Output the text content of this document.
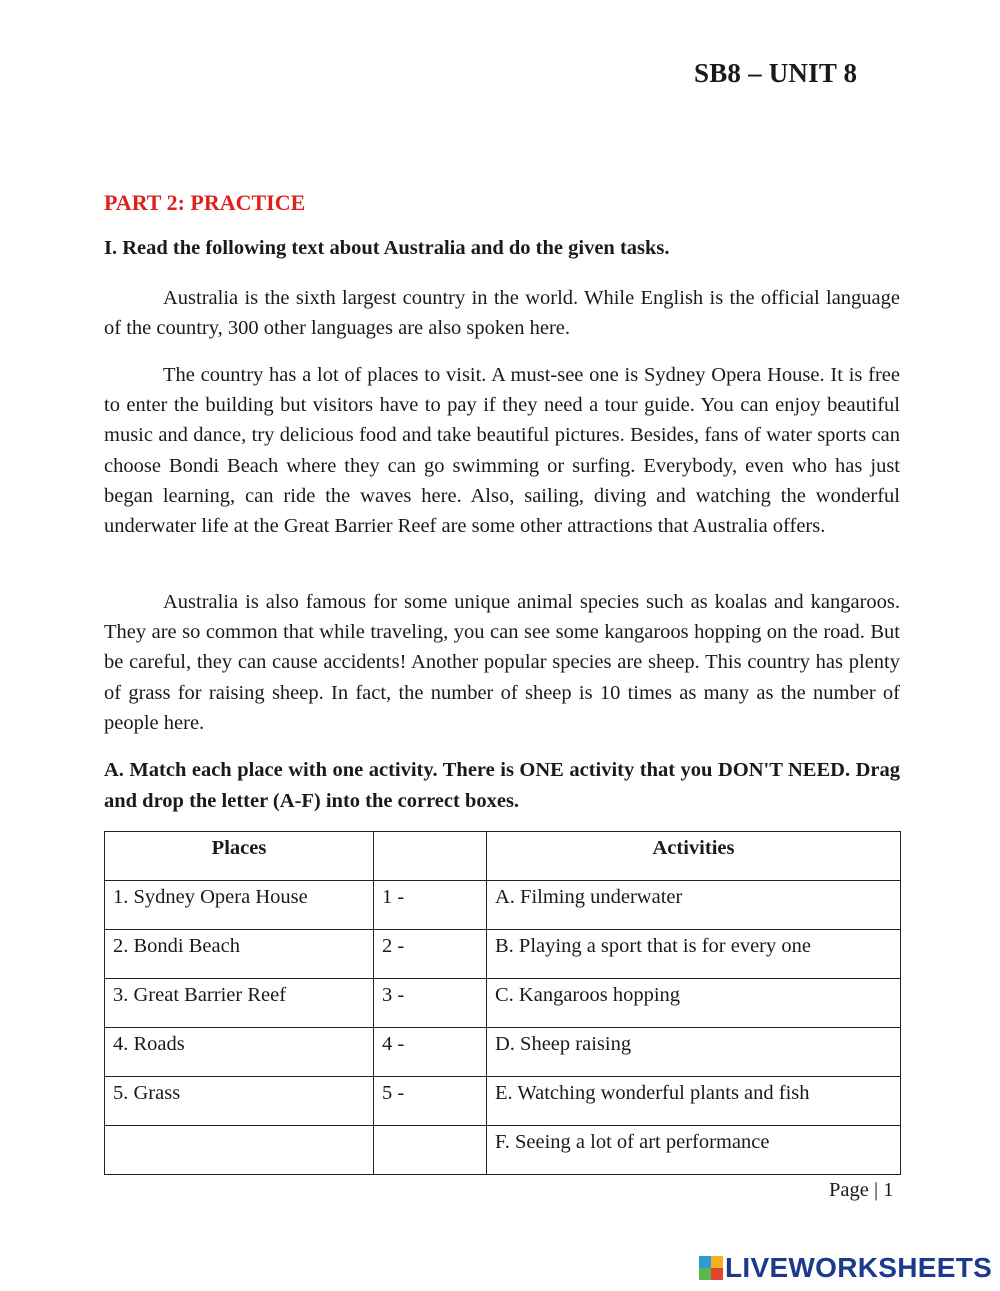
SB8 – UNIT 8
PART 2: PRACTICE
I. Read the following text about Australia and do the given tasks.

Australia is the sixth largest country in the world. While English is the official language of the country, 300 other languages are also spoken here.

The country has a lot of places to visit. A must-see one is Sydney Opera House. It is free to enter the building but visitors have to pay if they need a tour guide. You can enjoy beautiful music and dance, try delicious food and take beautiful pictures. Besides, fans of water sports can choose Bondi Beach where they can go swimming or surfing. Everybody, even who has just began learning, can ride the waves here. Also, sailing, diving and watching the wonderful underwater life at the Great Barrier Reef are some other attractions that Australia offers.

Australia is also famous for some unique animal species such as koalas and kangaroos. They are so common that while traveling, you can see some kangaroos hopping on the road. But be careful, they can cause accidents! Another popular species are sheep. This country has plenty of grass for raising sheep. In fact, the number of sheep is 10 times as many as the number of people here.

A. Match each place with one activity. There is ONE activity that you DON'T NEED. Drag and drop the letter (A-F) into the correct boxes.

Places		Activities
1. Sydney Opera House	1 -	A. Filming underwater
2. Bondi Beach	2 -	B. Playing a sport that is for every one
3. Great Barrier Reef	3 -	C. Kangaroos hopping
4. Roads	4 -	D. Sheep raising
5. Grass	5 -	E. Watching wonderful plants and fish
		F. Seeing a lot of art performance
Page | 1
LIVEWORKSHEETS
